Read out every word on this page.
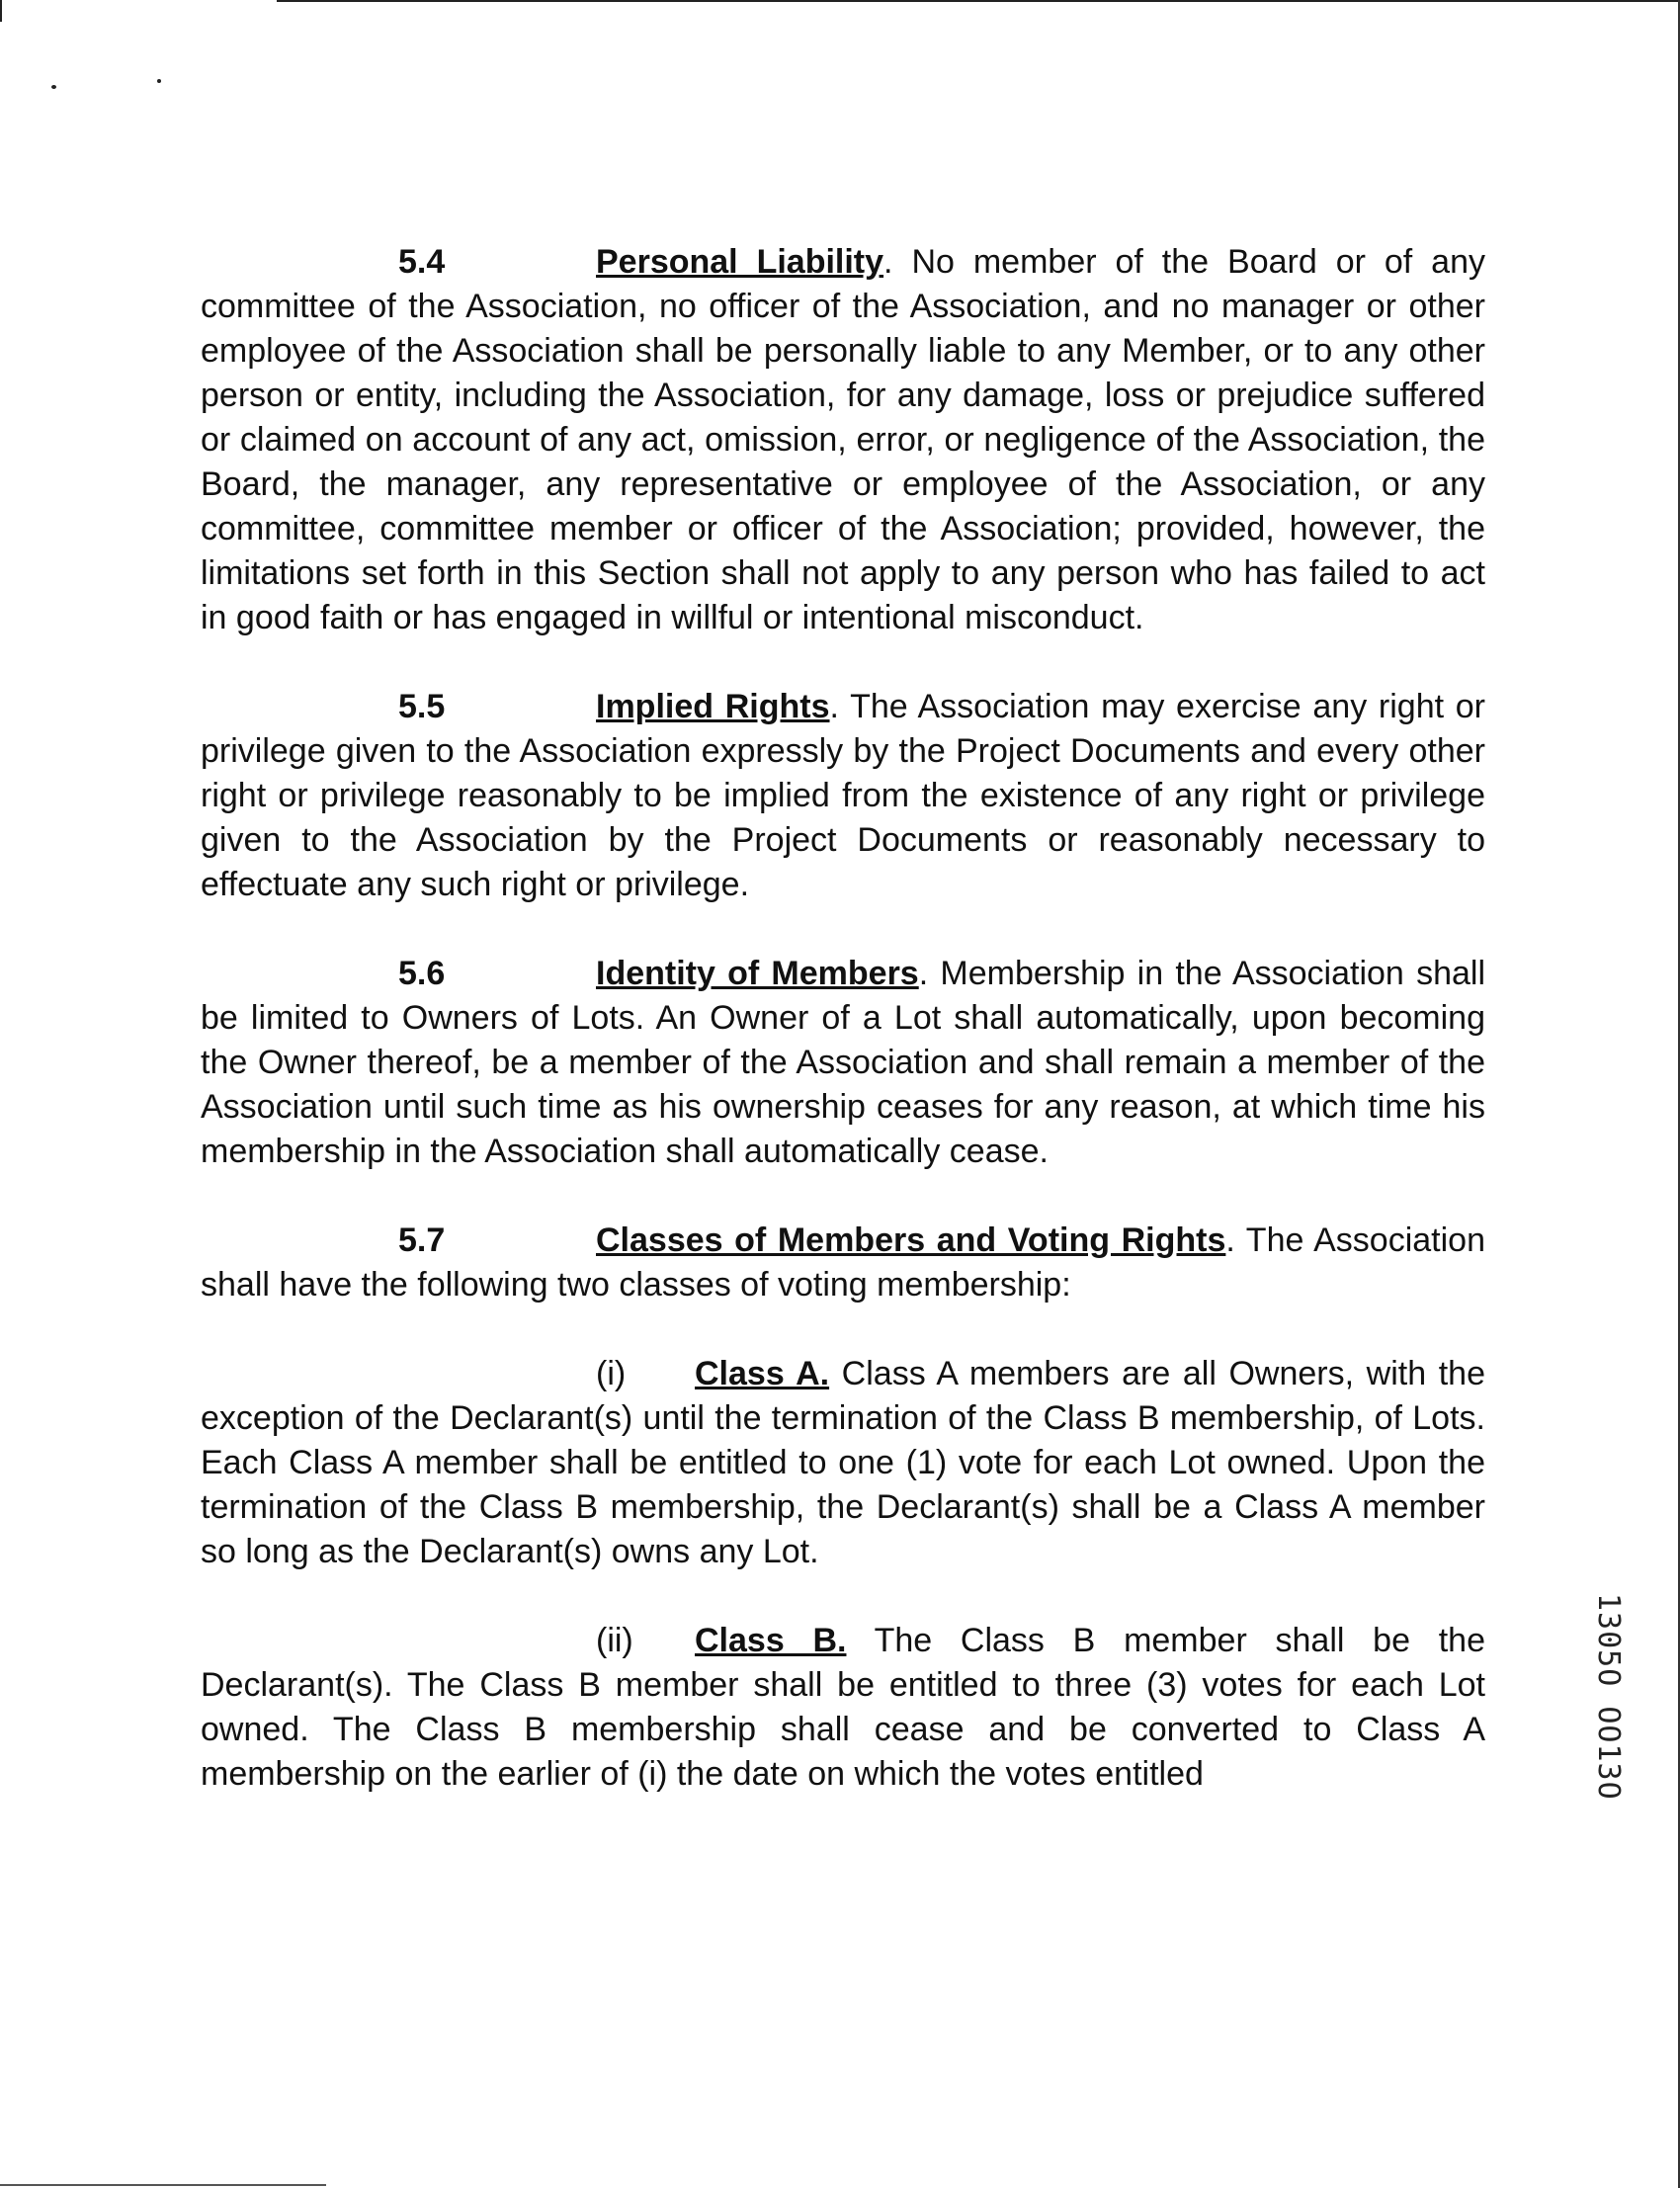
5.4	Personal Liability. No member of the Board or of any committee of the Association, no officer of the Association, and no manager or other employee of the Association shall be personally liable to any Member, or to any other person or entity, including the Association, for any damage, loss or prejudice suffered or claimed on account of any act, omission, error, or negligence of the Association, the Board, the manager, any representative or employee of the Association, or any committee, committee member or officer of the Association; provided, however, the limitations set forth in this Section shall not apply to any person who has failed to act in good faith or has engaged in willful or intentional misconduct.

5.5	Implied Rights. The Association may exercise any right or privilege given to the Association expressly by the Project Documents and every other right or privilege reasonably to be implied from the existence of any right or privilege given to the Association by the Project Documents or reasonably necessary to effectuate any such right or privilege.

5.6	Identity of Members. Membership in the Association shall be limited to Owners of Lots. An Owner of a Lot shall automatically, upon becoming the Owner thereof, be a member of the Association and shall remain a member of the Association until such time as his ownership ceases for any reason, at which time his membership in the Association shall automatically cease.

5.7	Classes of Members and Voting Rights. The Association shall have the following two classes of voting membership:

(i) Class A. Class A members are all Owners, with the exception of the Declarant(s) until the termination of the Class B membership, of Lots. Each Class A member shall be entitled to one (1) vote for each Lot owned. Upon the termination of the Class B membership, the Declarant(s) shall be a Class A member so long as the Declarant(s) owns any Lot.

(ii) Class B. The Class B member shall be the Declarant(s). The Class B member shall be entitled to three (3) votes for each Lot owned. The Class B membership shall cease and be converted to Class A membership on the earlier of (i) the date on which the votes entitled	1305O OO13O
